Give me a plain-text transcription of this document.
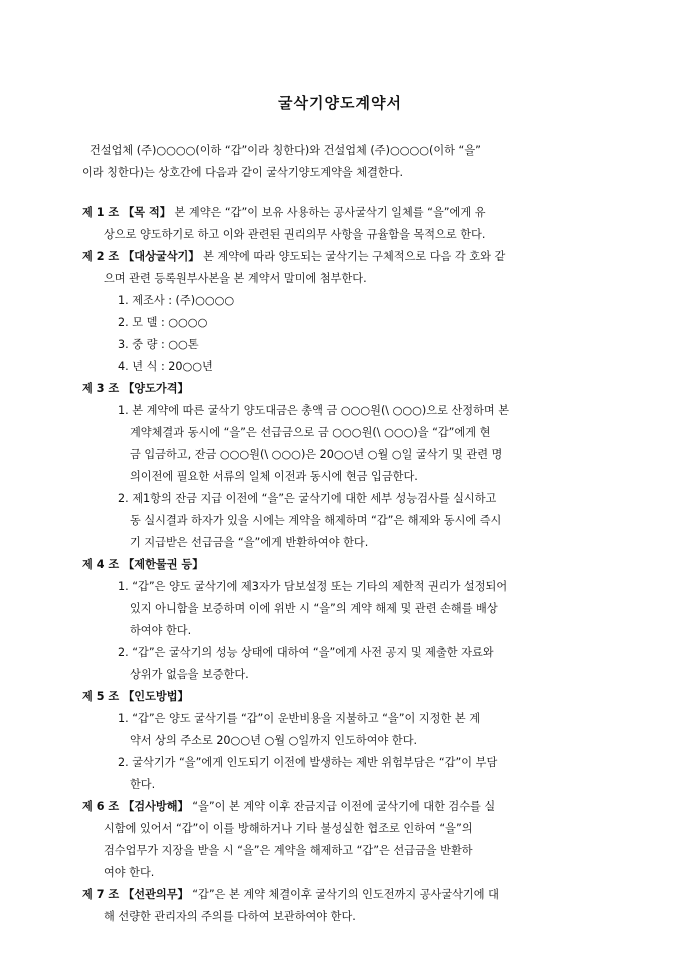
굴삭기양도계약서
건설업체 (주)○○○○(이하 “갑”이라 칭한다)와 건설업체 (주)○○○○(이하 “을”
이라 칭한다)는 상호간에 다음과 같이 굴삭기양도계약을 체결한다.
제 1 조 【목 적】 본 계약은 “갑”이 보유 사용하는 공사굴삭기 일체를 “을”에게 유
상으로 양도하기로 하고 이와 관련된 권리의무 사항을 규율함을 목적으로 한다.
제 2 조 【대상굴삭기】 본 계약에 따라 양도되는 굴삭기는 구체적으로 다음 각 호와 같
으며 관련 등록원부사본을 본 계약서 말미에 첨부한다.
1. 제조사 : (주)○○○○
2. 모 델 : ○○○○
3. 중 량 : ○○톤
4. 년 식 : 20○○년
제 3 조 【양도가격】
1. 본 계약에 따른 굴삭기 양도대금은 총액 금 ○○○원(\ ○○○)으로 산정하며 본
계약체결과 동시에 “을”은 선급금으로 금 ○○○원(\ ○○○)을 “갑”에게 현
금 입금하고, 잔금 ○○○원(\ ○○○)은 20○○년 ○월 ○일 굴삭기 및 관련 명
의이전에 필요한 서류의 일체 이전과 동시에 현금 입금한다.
2. 제1항의 잔금 지급 이전에 “을”은 굴삭기에 대한 세부 성능검사를 실시하고
동 실시결과 하자가 있을 시에는 계약을 해제하며 “갑”은 해제와 동시에 즉시
기 지급받은 선급금을 “을”에게 반환하여야 한다.
제 4 조 【제한물권 등】
1. “갑”은 양도 굴삭기에 제3자가 담보설정 또는 기타의 제한적 권리가 설정되어
있지 아니함을 보증하며 이에 위반 시 “을”의 계약 해제 및 관련 손해를 배상
하여야 한다.
2. “갑”은 굴삭기의 성능 상태에 대하여 “을”에게 사전 공지 및 제출한 자료와
상위가 없음을 보증한다.
제 5 조 【인도방법】
1. “갑”은 양도 굴삭기를 “갑”이 운반비용을 지불하고 “을”이 지정한 본 계
약서 상의 주소로 20○○년 ○월 ○일까지 인도하여야 한다.
2. 굴삭기가 “을”에게 인도되기 이전에 발생하는 제반 위험부담은 “갑”이 부담
한다.
제 6 조 【검사방해】 “을”이 본 계약 이후 잔금지급 이전에 굴삭기에 대한 검수를 실
시함에 있어서 “갑”이 이를 방해하거나 기타 불성실한 협조로 인하여 “을”의
검수업무가 지장을 받을 시 “을”은 계약을 해제하고 “갑”은 선급금을 반환하
여야 한다.
제 7 조 【선관의무】 “갑”은 본 계약 체결이후 굴삭기의 인도전까지 공사굴삭기에 대
해 선량한 관리자의 주의를 다하여 보관하여야 한다.
